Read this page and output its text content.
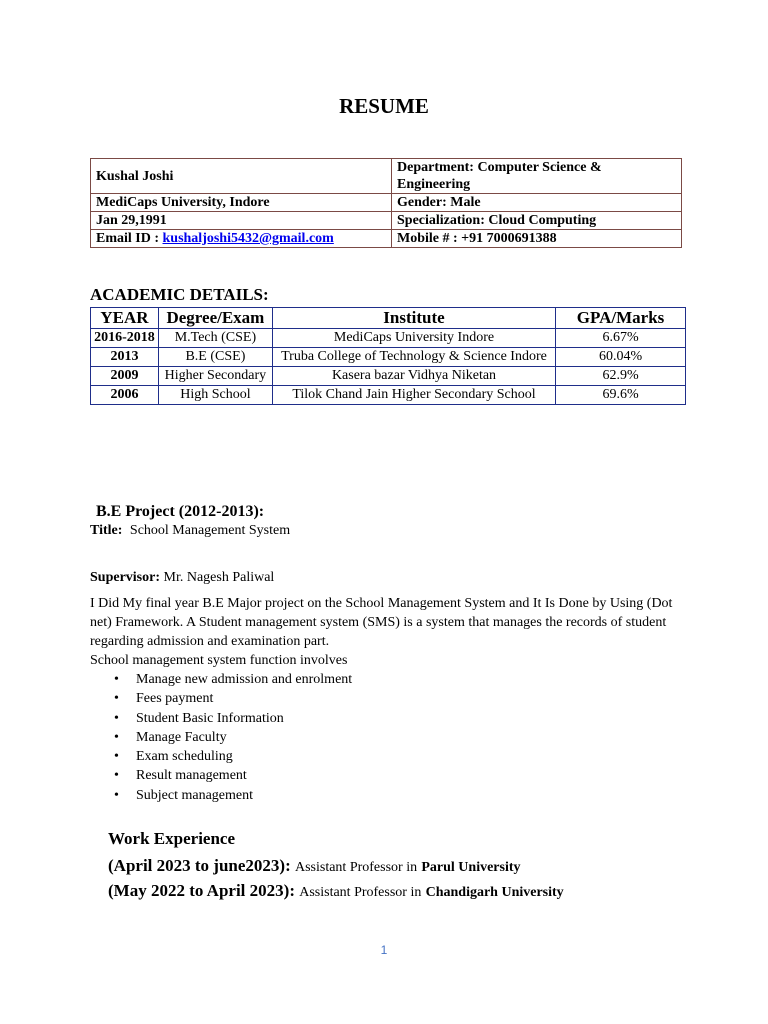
RESUME
Kushal Joshi	Department: Computer Science & Engineering
MediCaps University, Indore	Gender: Male
Jan 29,1991	Specialization: Cloud Computing
Email ID : kushaljoshi5432@gmail.com	Mobile # : +91 7000691388
ACADEMIC DETAILS:
YEAR	Degree/Exam	Institute	GPA/Marks
2016-2018	M.Tech (CSE)	MediCaps University Indore	6.67%
2013	B.E (CSE)	Truba College of Technology & Science Indore	60.04%
2009	Higher Secondary	Kasera bazar Vidhya Niketan	62.9%
2006	High School	Tilok Chand Jain Higher Secondary School	69.6%
B.E Project (2012-2013):
Title: School Management System
Supervisor: Mr. Nagesh Paliwal
I Did My final year B.E Major project on the School Management System and It Is Done by Using (Dot net) Framework. A Student management system (SMS) is a system that manages the records of student regarding admission and examination part.
School management system function involves
• Manage new admission and enrolment
• Fees payment
• Student Basic Information
• Manage Faculty
• Exam scheduling
• Result management
• Subject management
Work Experience
(April 2023 to june2023): Assistant Professor in Parul University
(May 2022 to April 2023): Assistant Professor in Chandigarh University
1
